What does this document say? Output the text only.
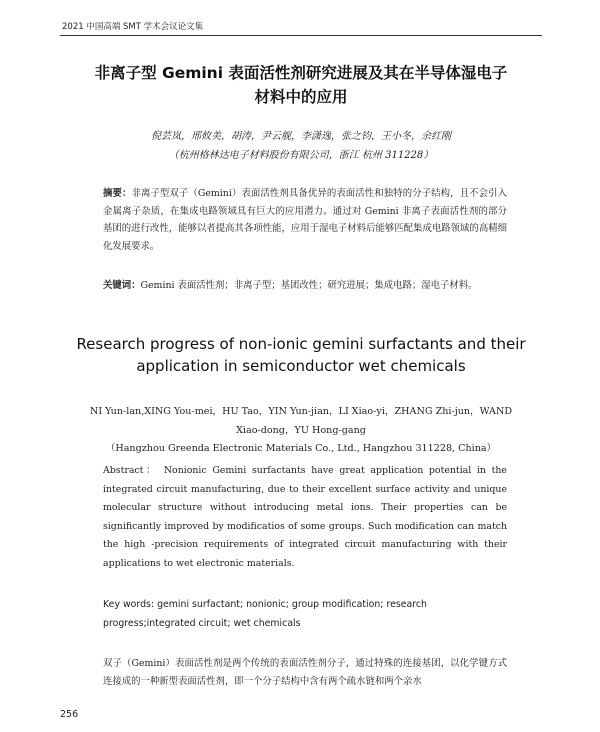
2021 中国高端 SMT 学术会议论文集
非离子型 Gemini 表面活性剂研究进展及其在半导体湿电子
材料中的应用
倪芸岚，邢攸美，胡涛，尹云舰，李潇逸，张之钧，王小冬，余红刚
（杭州格林达电子材料股份有限公司，浙江 杭州 311228）
摘要：非离子型双子（Gemini）表面活性剂具备优异的表面活性和独特的分子结构，且不会引入金属离子杂质，在集成电路领域具有巨大的应用潜力。通过对 Gemini 非离子表面活性剂的部分基团的进行改性，能够以者提高其各项性能，应用于湿电子材料后能够匹配集成电路领域的高精细化发展要求。
关键词：Gemini 表面活性剂；非离子型；基团改性；研究进展；集成电路；湿电子材料。
Research progress of non-ionic gemini surfactants and their
application in semiconductor wet chemicals
NI Yun-lan,XING You-mei，HU Tao，YIN Yun-jian，LI Xiao-yi，ZHANG Zhi-jun，WAND
Xiao-dong，YU Hong-gang
（Hangzhou Greenda Electronic Materials Co., Ltd., Hangzhou 311228, China）
Abstract： Nonionic Gemini surfactants have great application potential in the integrated circuit manufacturing, due to their excellent surface activity and unique molecular structure without introducing metal ions. Their properties can be significantly improved by modificatios of some groups. Such modification can match the high -precision requirements of integrated circuit manufacturing with their applications to wet electronic materials.
Key words: gemini surfactant; nonionic; group modification; research progress;integrated circuit; wet chemicals
双子（Gemini）表面活性剂是两个传统的表面活性剂分子，通过特殊的连接基团，以化学键方式连接成的一种新型表面活性剂，即一个分子结构中含有两个疏水链和两个亲水
256
